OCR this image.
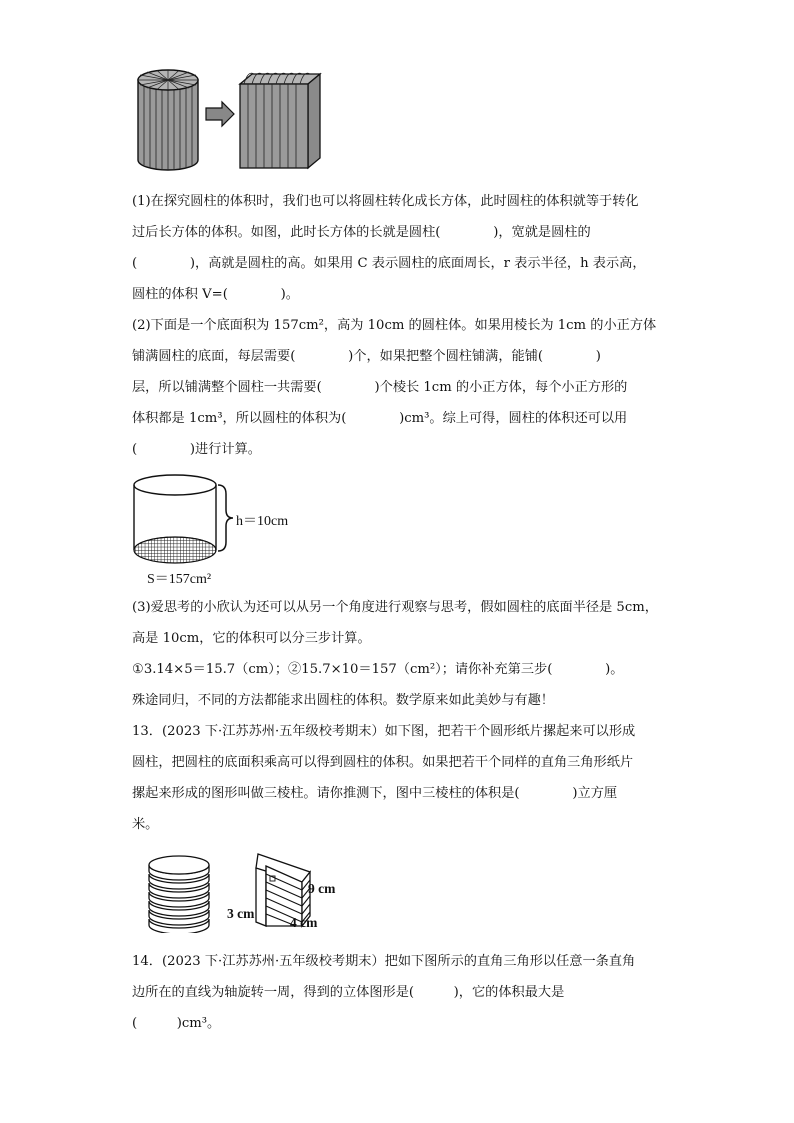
(1)在探究圆柱的体积时，我们也可以将圆柱转化成长方体，此时圆柱的体积就等于转化
过后长方体的体积。如图，此时长方体的长就是圆柱(　　　　)，宽就是圆柱的
(　　　　)，高就是圆柱的高。如果用 C 表示圆柱的底面周长，r 表示半径，h 表示高，
圆柱的体积 V=(　　　　)。
(2)下面是一个底面积为 157cm²，高为 10cm 的圆柱体。如果用棱长为 1cm 的小正方体
铺满圆柱的底面，每层需要(　　　　)个，如果把整个圆柱铺满，能铺(　　　　)
层，所以铺满整个圆柱一共需要(　　　　)个棱长 1cm 的小正方体，每个小正方形的
体积都是 1cm³，所以圆柱的体积为(　　　　)cm³。综上可得，圆柱的体积还可以用
(　　　　)进行计算。
h＝10cm
S＝157cm²
(3)爱思考的小欣认为还可以从另一个角度进行观察与思考，假如圆柱的底面半径是 5cm，
高是 10cm，它的体积可以分三步计算。
①3.14×5＝15.7（cm）；②15.7×10＝157（cm²）；请你补充第三步(　　　　)。
殊途同归，不同的方法都能求出圆柱的体积。数学原来如此美妙与有趣！
13．(2023 下·江苏苏州·五年级校考期末）如下图，把若干个圆形纸片摞起来可以形成
圆柱，把圆柱的底面积乘高可以得到圆柱的体积。如果把若干个同样的直角三角形纸片
摞起来形成的图形叫做三棱柱。请你推测下，图中三棱柱的体积是(　　　　)立方厘
米。
9 cm
3 cm
4 cm
14．(2023 下·江苏苏州·五年级校考期末）把如下图所示的直角三角形以任意一条直角
边所在的直线为轴旋转一周，得到的立体图形是(　　　)，它的体积最大是
(　　　)cm³。
